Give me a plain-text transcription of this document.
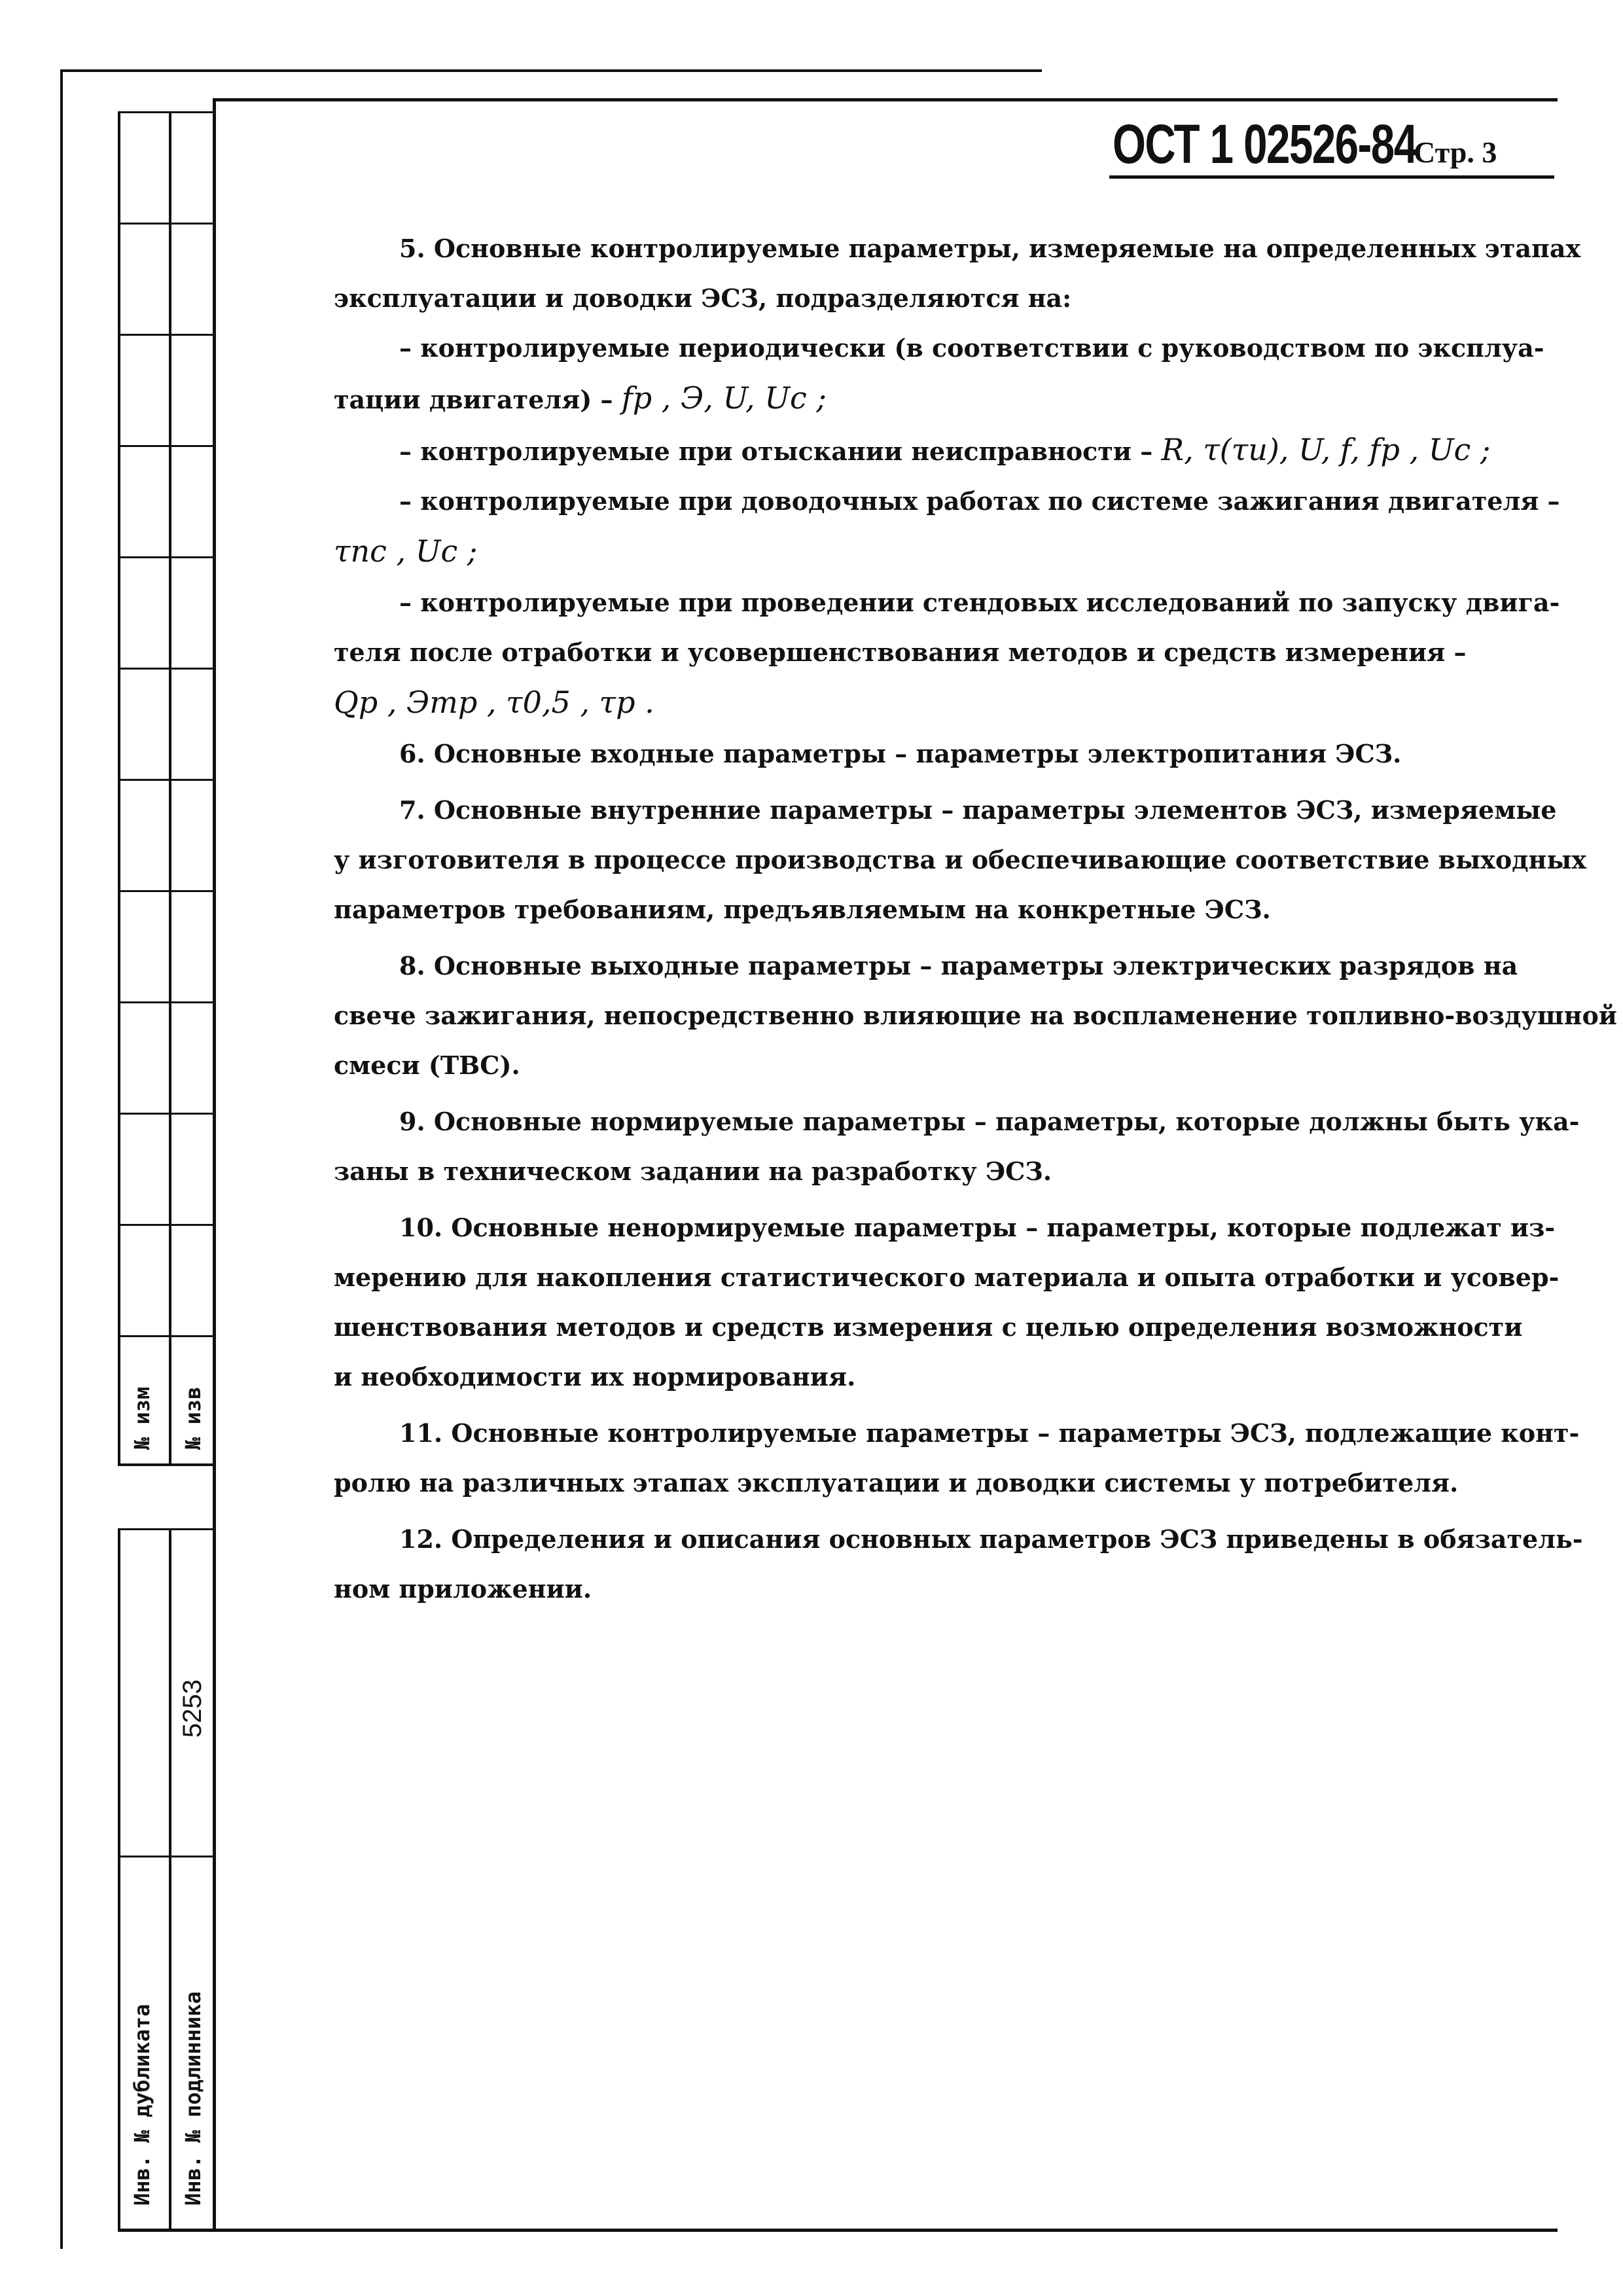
№ изм № изв
5253
Инв. № дубликата Инв. № подлинника
ОСТ 1 02526-84
Стр. 3

5. Основные контролируемые параметры, измеряемые на определенных этапах

эксплуатации и доводки ЭСЗ, подразделяются на:

– контролируемые периодически (в соответствии с руководством по эксплуа-

тации двигателя) – fp , Э, U, Uc ;

– контролируемые при отыскании неисправности – R, τ(τи), U, f, fp , Uc ;

– контролируемые при доводочных работах по системе зажигания двигателя –

τпс , Uc ;

– контролируемые при проведении стендовых исследований по запуску двига-

теля после отработки и усовершенствования методов и средств измерения –

Qp , Этр , τ0,5 , τp .

6. Основные входные параметры – параметры электропитания ЭСЗ.

7. Основные внутренние параметры – параметры элементов ЭСЗ, измеряемые

у изготовителя в процессе производства и обеспечивающие соответствие выходных

параметров требованиям, предъявляемым на конкретные ЭСЗ.

8. Основные выходные параметры – параметры электрических разрядов на

свече зажигания, непосредственно влияющие на воспламенение топливно-воздушной

смеси (ТВС).

9. Основные нормируемые параметры – параметры, которые должны быть ука-

заны в техническом задании на разработку ЭСЗ.

10. Основные ненормируемые параметры – параметры, которые подлежат из-

мерению для накопления статистического материала и опыта отработки и усовер-

шенствования методов и средств измерения с целью определения возможности

и необходимости их нормирования.

11. Основные контролируемые параметры – параметры ЭСЗ, подлежащие конт-

ролю на различных этапах эксплуатации и доводки системы у потребителя.

12. Определения и описания основных параметров ЭСЗ приведены в обязатель-

ном приложении.
